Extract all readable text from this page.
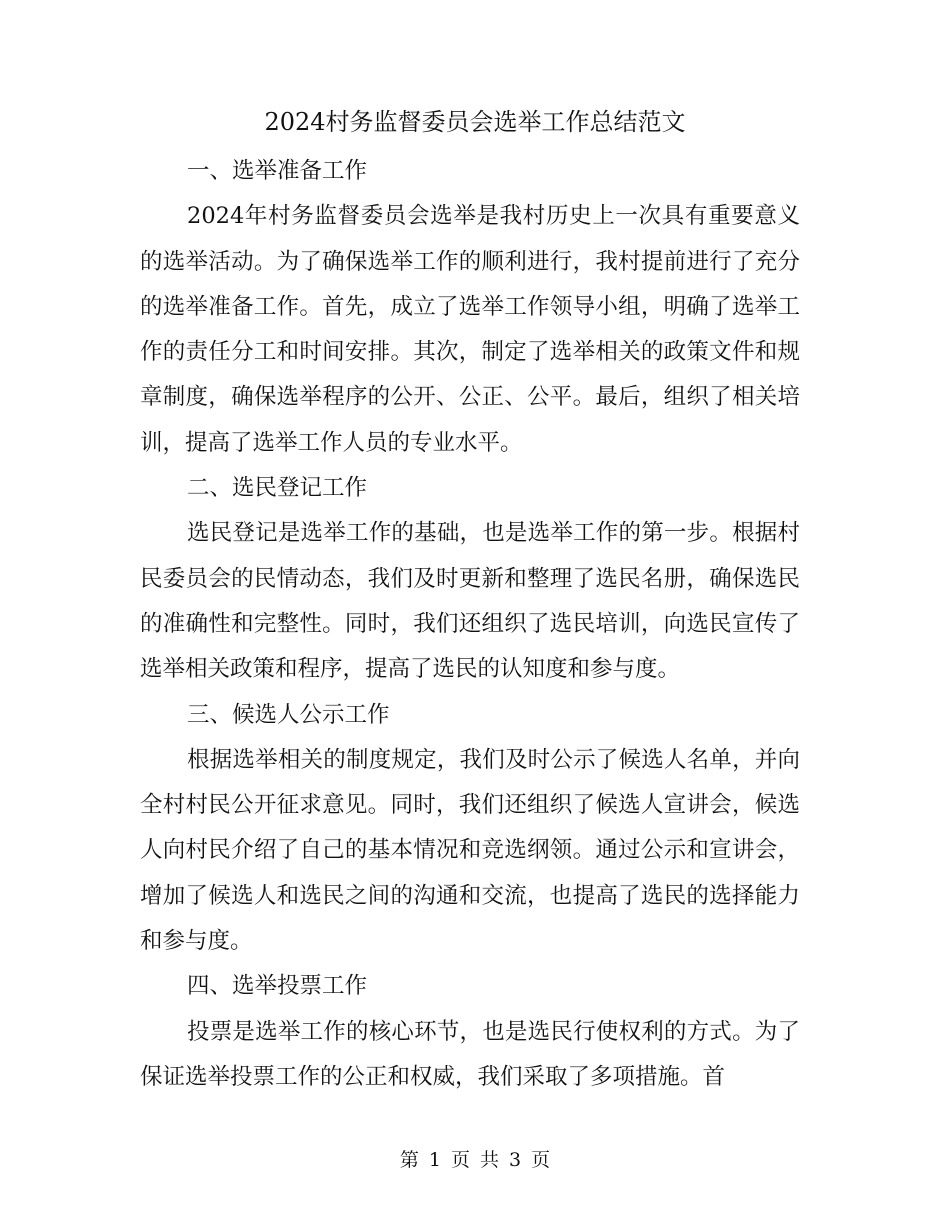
2024村务监督委员会选举工作总结范文

一、选举准备工作

2024年村务监督委员会选举是我村历史上一次具有重要意义的选举活动。为了确保选举工作的顺利进行，我村提前进行了充分的选举准备工作。首先，成立了选举工作领导小组，明确了选举工作的责任分工和时间安排。其次，制定了选举相关的政策文件和规章制度，确保选举程序的公开、公正、公平。最后，组织了相关培训，提高了选举工作人员的专业水平。

二、选民登记工作

选民登记是选举工作的基础，也是选举工作的第一步。根据村民委员会的民情动态，我们及时更新和整理了选民名册，确保选民的准确性和完整性。同时，我们还组织了选民培训，向选民宣传了选举相关政策和程序，提高了选民的认知度和参与度。

三、候选人公示工作

根据选举相关的制度规定，我们及时公示了候选人名单，并向全村村民公开征求意见。同时，我们还组织了候选人宣讲会，候选人向村民介绍了自己的基本情况和竞选纲领。通过公示和宣讲会，增加了候选人和选民之间的沟通和交流，也提高了选民的选择能力和参与度。

四、选举投票工作

投票是选举工作的核心环节，也是选民行使权利的方式。为了保证选举投票工作的公正和权威，我们采取了多项措施。首

第 1 页 共 3 页
